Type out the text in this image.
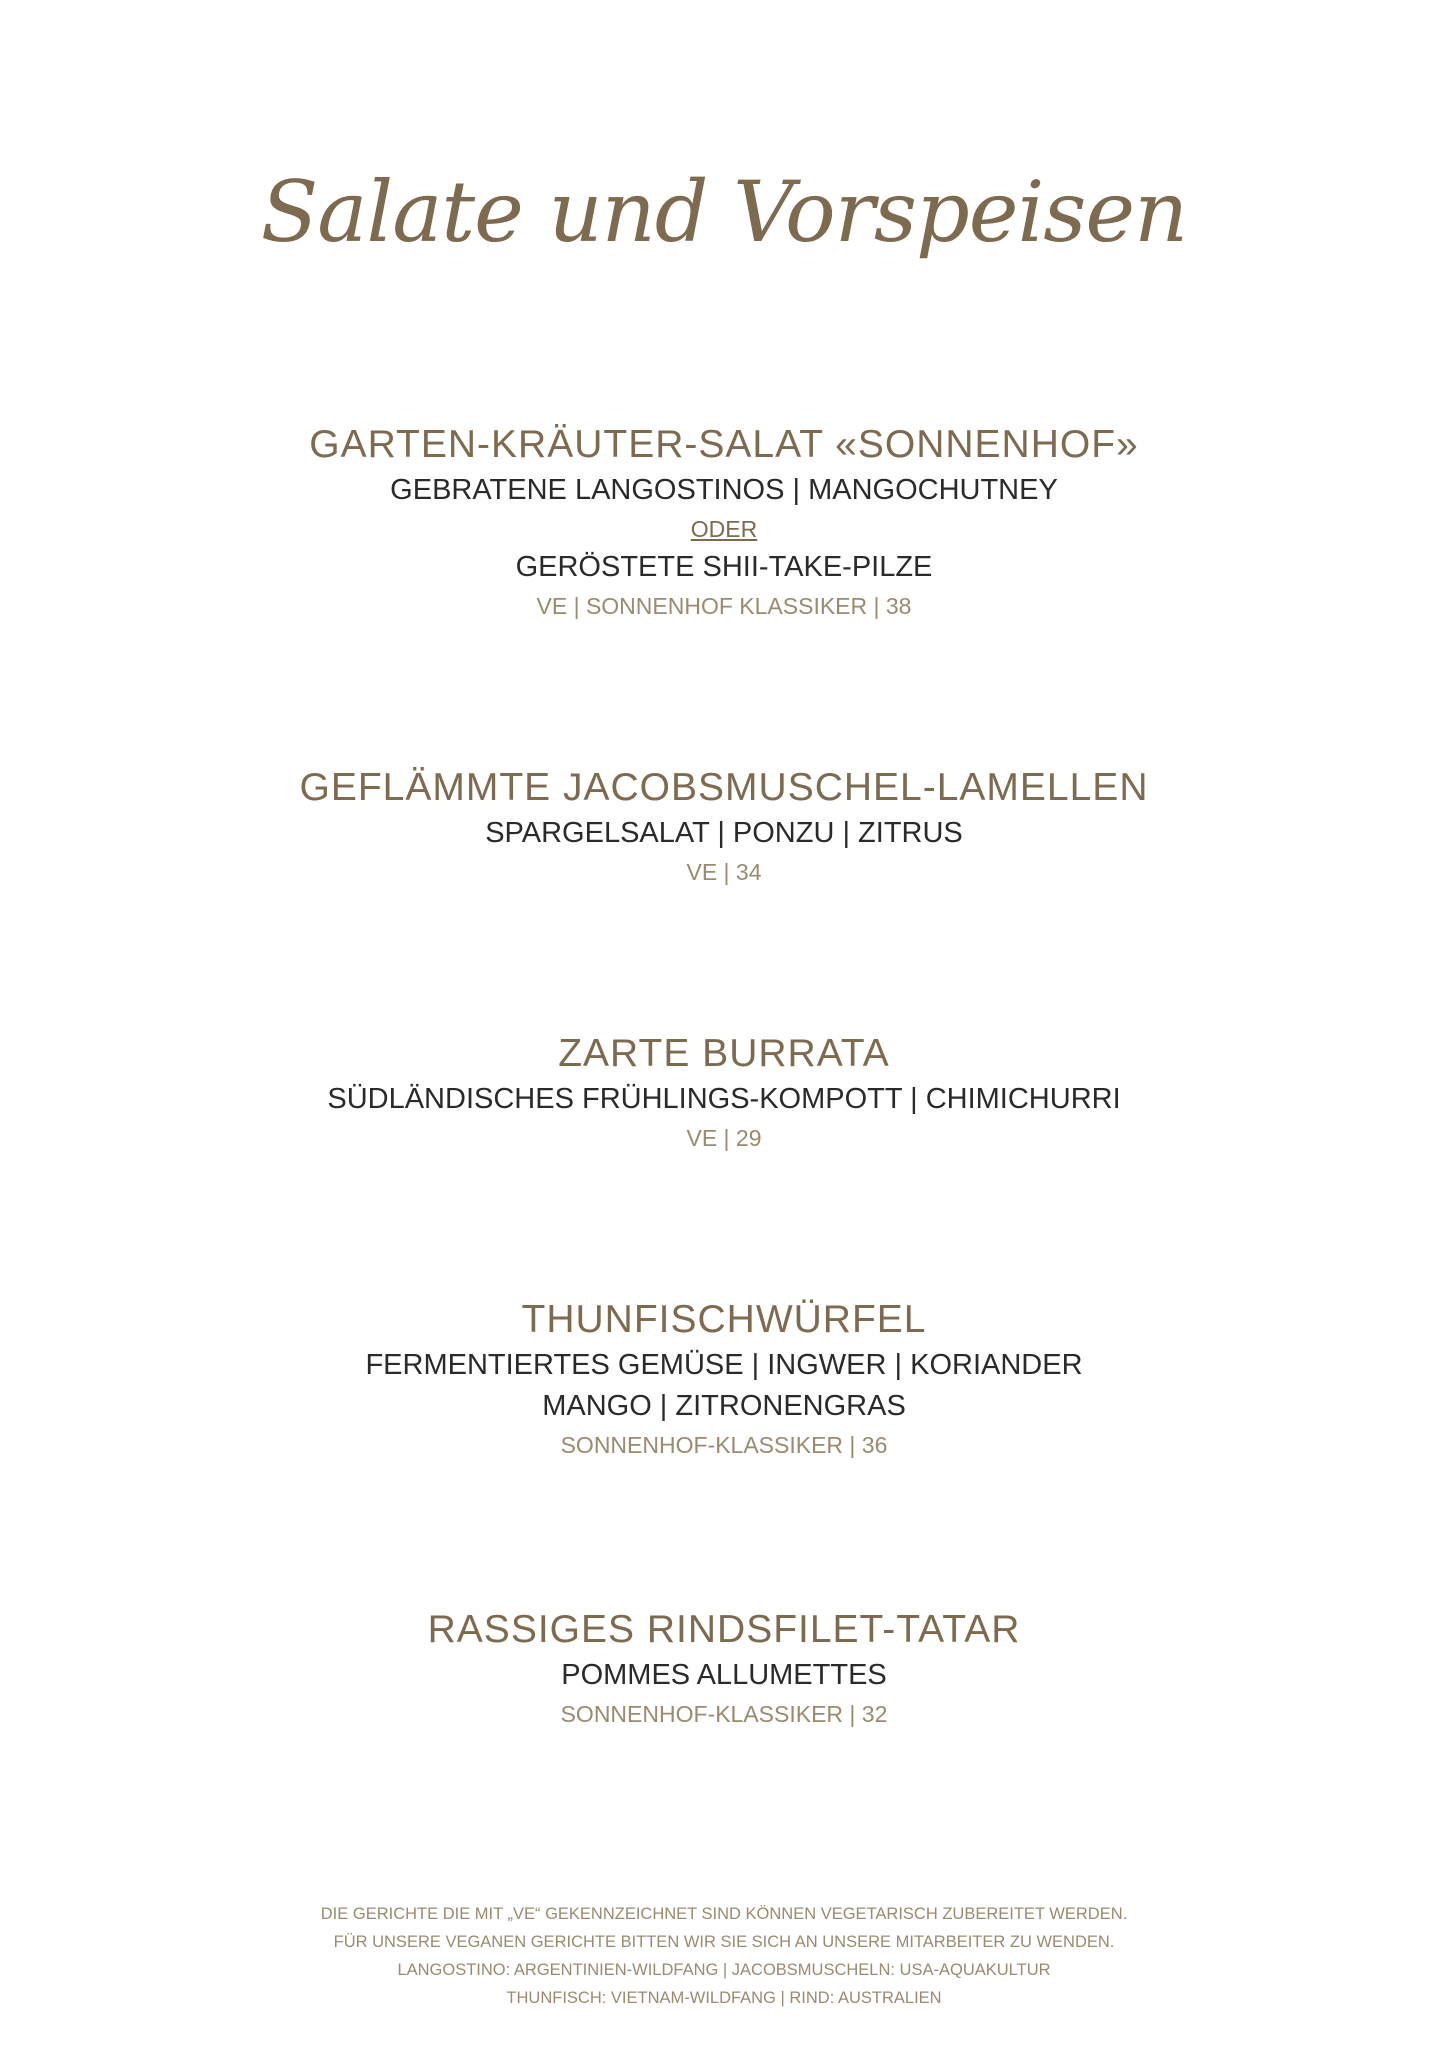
Salate und Vorspeisen
GARTEN-KRÄUTER-SALAT «SONNENHOF»
GEBRATENE LANGOSTINOS | MANGOCHUTNEY
ODER
GERÖSTETE SHII-TAKE-PILZE
VE | SONNENHOF KLASSIKER | 38
GEFLÄMMTE JACOBSMUSCHEL-LAMELLEN
SPARGELSALAT | PONZU | ZITRUS
VE | 34
ZARTE BURRATA
SÜDLÄNDISCHES FRÜHLINGS-KOMPOTT | CHIMICHURRI
VE | 29
THUNFISCHWÜRFEL
FERMENTIERTES GEMÜSE | INGWER | KORIANDER
MANGO | ZITRONENGRAS
SONNENHOF-KLASSIKER | 36
RASSIGES RINDSFILET-TATAR
POMMES ALLUMETTES
SONNENHOF-KLASSIKER | 32
DIE GERICHTE DIE MIT „VE“ GEKENNZEICHNET SIND KÖNNEN VEGETARISCH ZUBEREITET WERDEN.
FÜR UNSERE VEGANEN GERICHTE BITTEN WIR SIE SICH AN UNSERE MITARBEITER ZU WENDEN.
LANGOSTINO: ARGENTINIEN-WILDFANG | JACOBSMUSCHELN: USA-AQUAKULTUR
THUNFISCH: VIETNAM-WILDFANG | RIND: AUSTRALIEN
